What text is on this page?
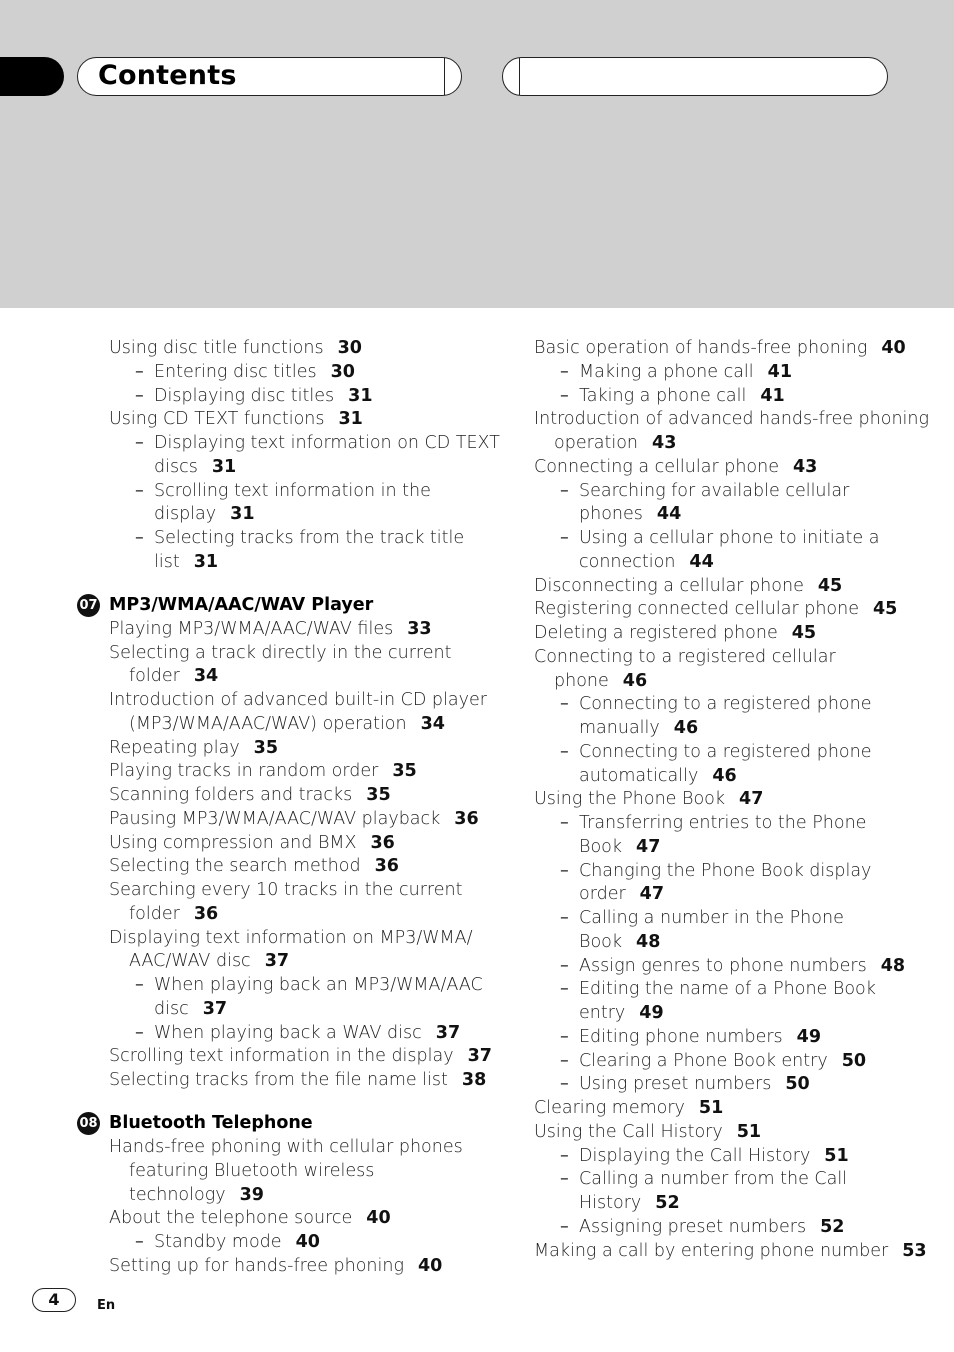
Contents
Using disc title functions 30
– Entering disc titles 30
– Displaying disc titles 31
Using CD TEXT functions 31
– Displaying text information on CD TEXT
discs 31
– Scrolling text information in the
display 31
– Selecting tracks from the track title
list 31
07 MP3/WMA/AAC/WAV Player
Playing MP3/WMA/AAC/WAV files 33
Selecting a track directly in the current
folder 34
Introduction of advanced built-in CD player
(MP3/WMA/AAC/WAV) operation 34
Repeating play 35
Playing tracks in random order 35
Scanning folders and tracks 35
Pausing MP3/WMA/AAC/WAV playback 36
Using compression and BMX 36
Selecting the search method 36
Searching every 10 tracks in the current
folder 36
Displaying text information on MP3/WMA/
AAC/WAV disc 37
– When playing back an MP3/WMA/AAC
disc 37
– When playing back a WAV disc 37
Scrolling text information in the display 37
Selecting tracks from the file name list 38
08 Bluetooth Telephone
Hands-free phoning with cellular phones
featuring Bluetooth wireless
technology 39
About the telephone source 40
– Standby mode 40
Setting up for hands-free phoning 40
Basic operation of hands-free phoning 40
– Making a phone call 41
– Taking a phone call 41
Introduction of advanced hands-free phoning
operation 43
Connecting a cellular phone 43
– Searching for available cellular
phones 44
– Using a cellular phone to initiate a
connection 44
Disconnecting a cellular phone 45
Registering connected cellular phone 45
Deleting a registered phone 45
Connecting to a registered cellular
phone 46
– Connecting to a registered phone
manually 46
– Connecting to a registered phone
automatically 46
Using the Phone Book 47
– Transferring entries to the Phone
Book 47
– Changing the Phone Book display
order 47
– Calling a number in the Phone
Book 48
– Assign genres to phone numbers 48
– Editing the name of a Phone Book
entry 49
– Editing phone numbers 49
– Clearing a Phone Book entry 50
– Using preset numbers 50
Clearing memory 51
Using the Call History 51
– Displaying the Call History 51
– Calling a number from the Call
History 52
– Assigning preset numbers 52
Making a call by entering phone number 53
4	En
